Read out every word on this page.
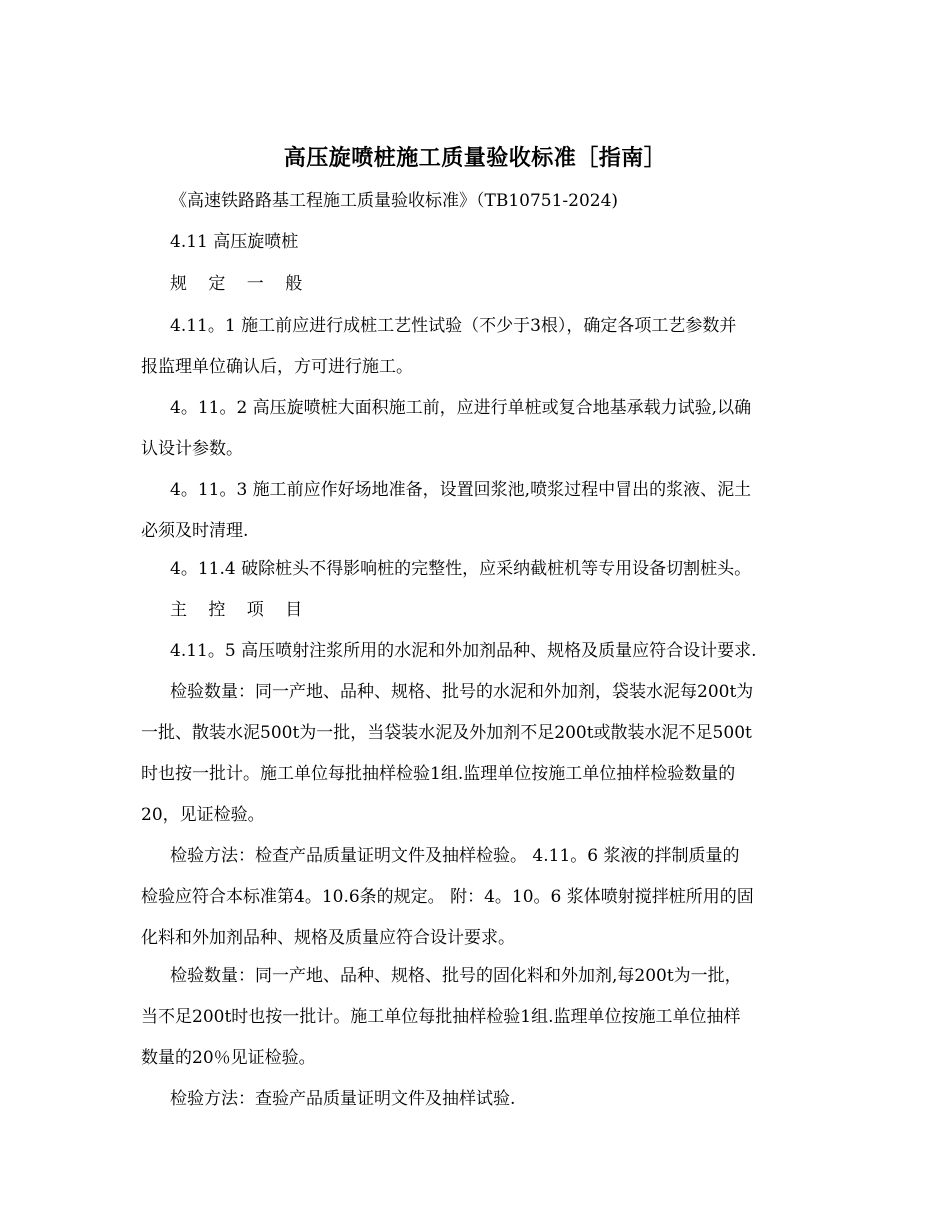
高压旋喷桩施工质量验收标准［指南］
《高速铁路路基工程施工质量验收标准》（TB10751-2024)
4.11 高压旋喷桩
规 定 一 般
4.11。1 施工前应进行成桩工艺性试验（不少于3根），确定各项工艺参数并
报监理单位确认后，方可进行施工。
4。11。2 高压旋喷桩大面积施工前，应进行单桩或复合地基承载力试验,以确
认设计参数。
4。11。3 施工前应作好场地准备，设置回浆池,喷浆过程中冒出的浆液、泥土
必须及时清理.
4。11.4 破除桩头不得影响桩的完整性，应采纳截桩机等专用设备切割桩头。
主 控 项 目
4.11。5 高压喷射注浆所用的水泥和外加剂品种、规格及质量应符合设计要求.
检验数量：同一产地、品种、规格、批号的水泥和外加剂，袋装水泥每200t为
一批、散装水泥500t为一批，当袋装水泥及外加剂不足200t或散装水泥不足500t
时也按一批计。施工单位每批抽样检验1组.监理单位按施工单位抽样检验数量的
20，见证检验。
检验方法：检查产品质量证明文件及抽样检验。 4.11。6 浆液的拌制质量的
检验应符合本标准第4。10.6条的规定。 附：4。10。6 浆体喷射搅拌桩所用的固
化料和外加剂品种、规格及质量应符合设计要求。
检验数量：同一产地、品种、规格、批号的固化料和外加剂,每200t为一批，
当不足200t时也按一批计。施工单位每批抽样检验1组.监理单位按施工单位抽样
数量的20％见证检验。
检验方法：查验产品质量证明文件及抽样试验.
